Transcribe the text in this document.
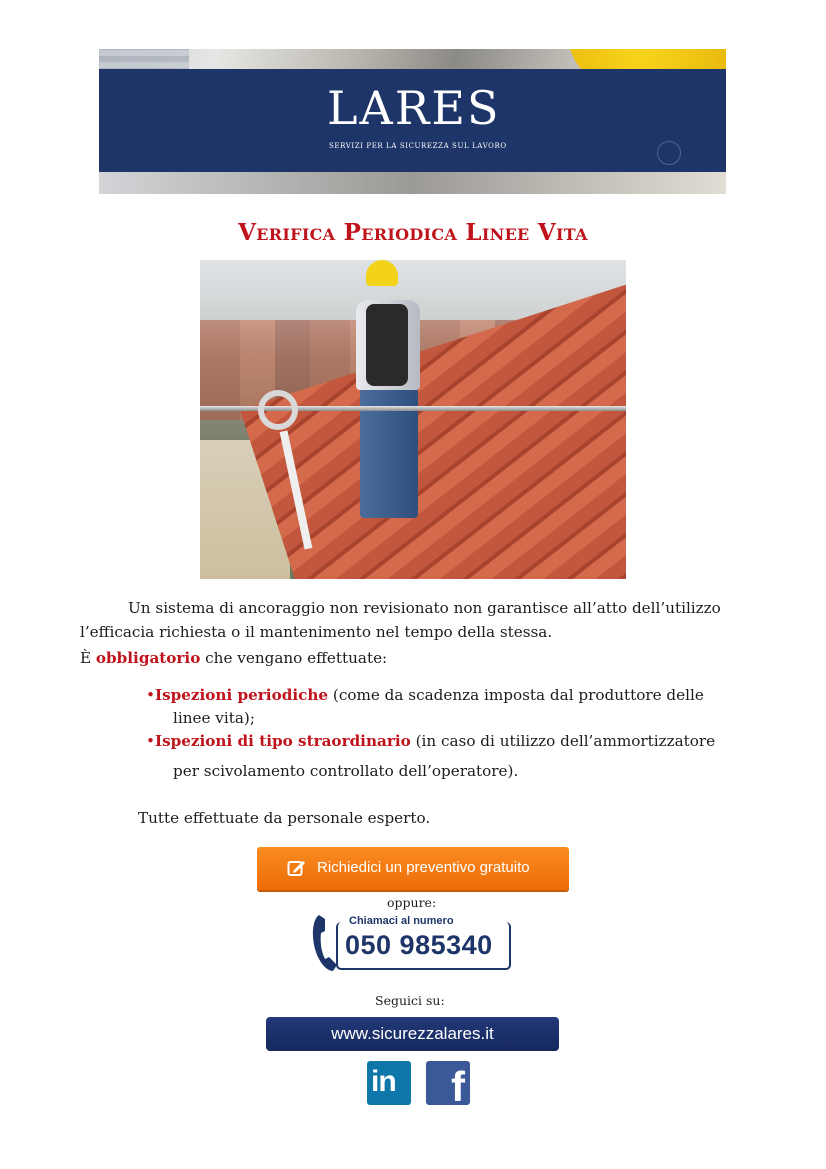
LARES
SERVIZI PER LA SICUREZZA SUL LAVORO
Verifica Periodica Linee Vita
Un sistema di ancoraggio non revisionato non garantisce all’atto dell’utilizzo
l’efficacia richiesta o il mantenimento nel tempo della stessa.
È obbligatorio che vengano effettuate:
•Ispezioni periodiche (come da scadenza imposta dal produttore delle
linee vita);
•Ispezioni di tipo straordinario (in caso di utilizzo dell’ammortizzatore
per scivolamento controllato dell’operatore).
Tutte effettuate da personale esperto.
Richiedici un preventivo gratuito
oppure:
Chiamaci al numero
050 985340
Seguici su:
www.sicurezzalares.it
in f
